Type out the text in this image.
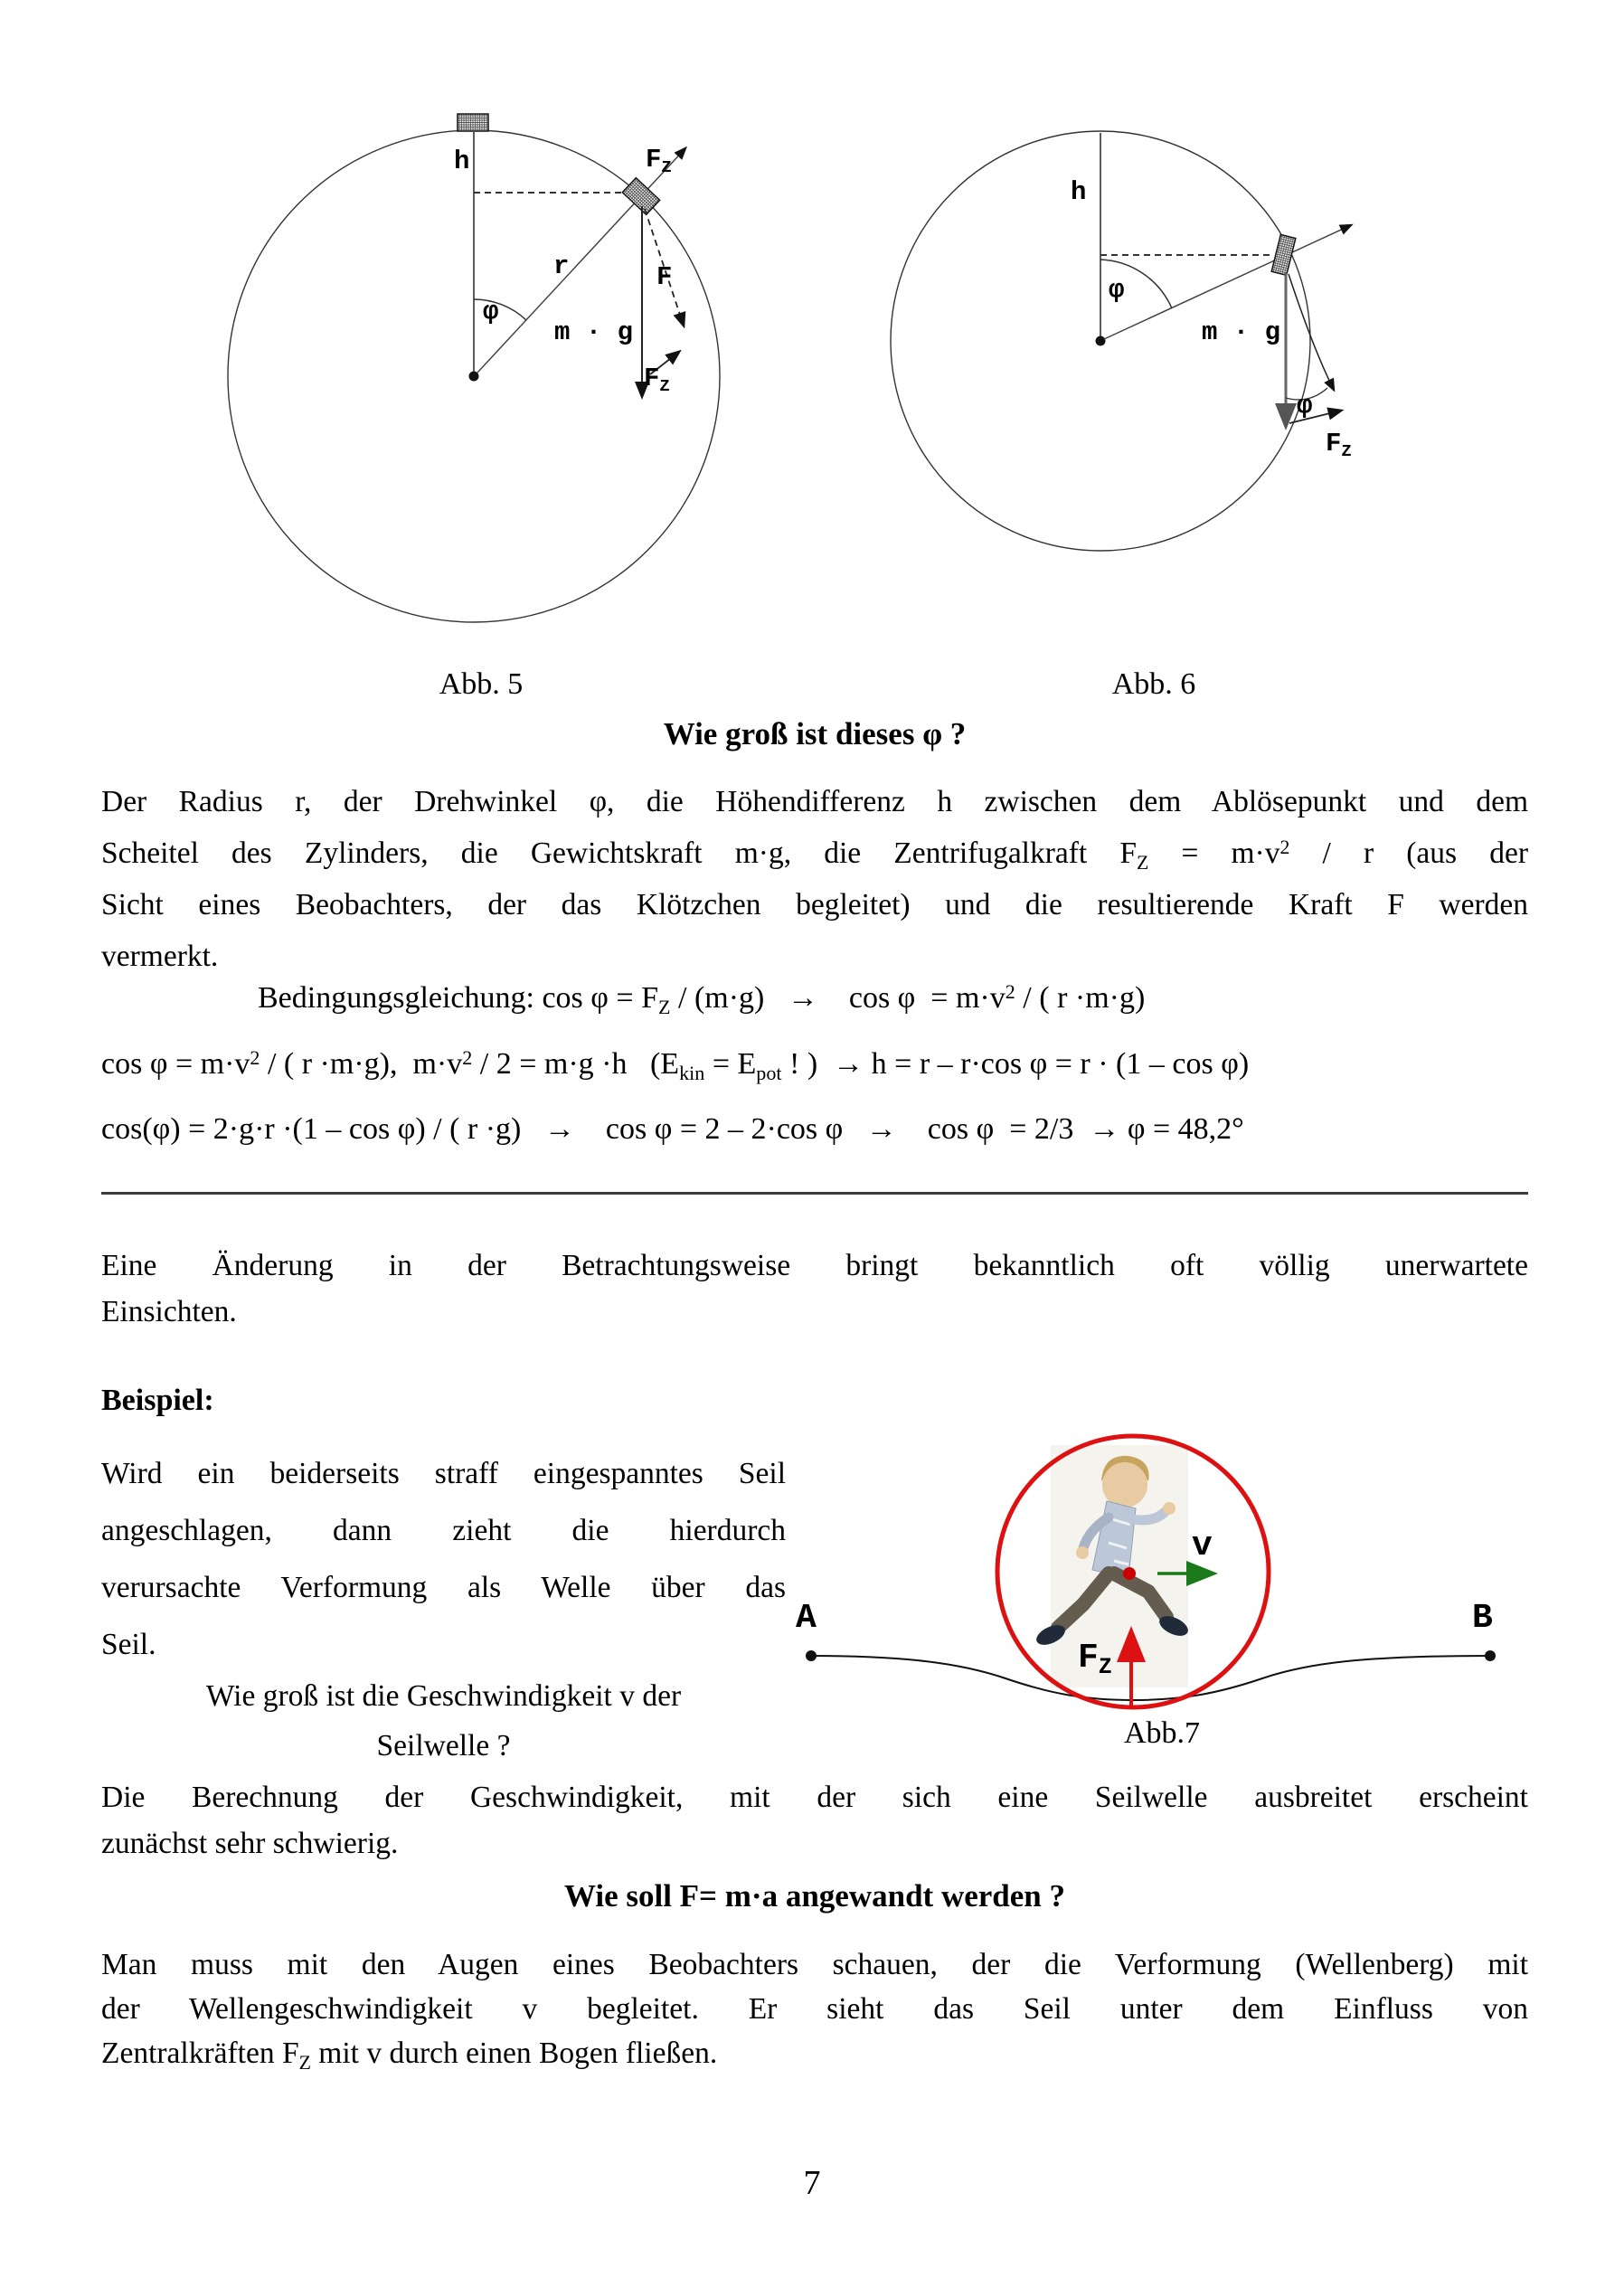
h	$F_Z$
r
φ
F
m · g
$F_Z$
h
φ
m · g
φ
$F_Z$
Abb. 5	Abb. 6
Wie groß ist dieses φ ?
Der Radius r, der Drehwinkel φ, die Höhendifferenz h zwischen dem Ablösepunkt und dem
Scheitel des Zylinders, die Gewichtskraft m·g, die Zentrifugalkraft $F_Z = m\cdot v^2 / r$ (aus der
Sicht eines Beobachters, der das Klötzchen begleitet) und die resultierende Kraft F werden
vermerkt.
Bedingungsgleichung: $\cos \varphi = F_Z / (m\cdot g)$   →    $\cos \varphi = m\cdot v^2$ / ( r ·m·g)
$\cos \varphi = m\cdot v^2$ / ( r ·m·g),  $m\cdot v^2 / 2 = m\cdot g \cdot h$   ($E_{kin} = E_{pot}$ ! )  → h = r – r·cos φ = r · (1 – cos φ)
cos(φ) = 2·g·r ·(1 – cos φ) / ( r ·g)   →    cos φ = 2 – 2·cos φ   →    cos φ  = 2/3  → φ = 48,2°
Eine Änderung in der Betrachtungsweise bringt bekanntlich oft völlig unerwartete
Einsichten.
Beispiel:
Wird ein beiderseits straff eingespanntes Seil
angeschlagen, dann zieht die hierdurch
verursachte Verformung als Welle über das
Seil.
Wie groß ist die Geschwindigkeit v der
Seilwelle ?
A	B
v
$F_Z$
Abb.7
Die Berechnung der Geschwindigkeit, mit der sich eine Seilwelle ausbreitet erscheint
zunächst sehr schwierig.
Wie soll F= m·a angewandt werden ?
Man muss mit den Augen eines Beobachters schauen, der die Verformung (Wellenberg) mit
der Wellengeschwindigkeit v begleitet. Er sieht das Seil unter dem Einfluss von
Zentralkräften $F_Z$ mit v durch einen Bogen fließen.
7
